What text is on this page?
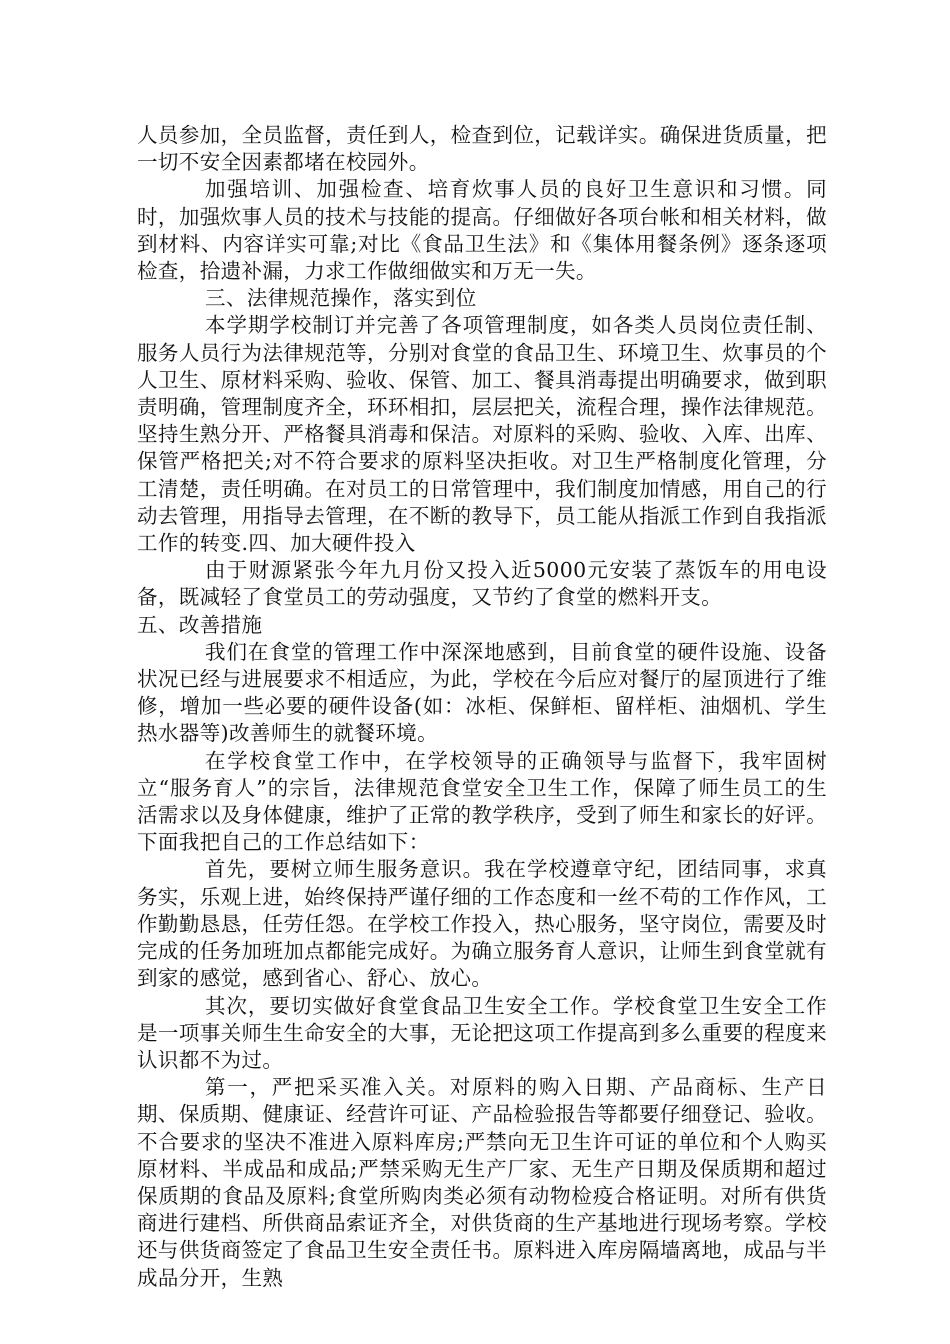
人员参加，全员监督，责任到人，检查到位，记载详实。确保进货质量，把一切不安全因素都堵在校园外。

加强培训、加强检查、培育炊事人员的良好卫生意识和习惯。同时，加强炊事人员的技术与技能的提高。仔细做好各项台帐和相关材料，做到材料、内容详实可靠;对比《食品卫生法》和《集体用餐条例》逐条逐项检查，拾遗补漏，力求工作做细做实和万无一失。

三、法律规范操作，落实到位

本学期学校制订并完善了各项管理制度，如各类人员岗位责任制、服务人员行为法律规范等，分别对食堂的食品卫生、环境卫生、炊事员的个人卫生、原材料采购、验收、保管、加工、餐具消毒提出明确要求，做到职责明确，管理制度齐全，环环相扣，层层把关，流程合理，操作法律规范。坚持生熟分开、严格餐具消毒和保洁。对原料的采购、验收、入库、出库、保管严格把关;对不符合要求的原料坚决拒收。对卫生严格制度化管理，分工清楚，责任明确。在对员工的日常管理中，我们制度加情感，用自己的行动去管理，用指导去管理，在不断的教导下，员工能从指派工作到自我指派工作的转变.四、加大硬件投入

由于财源紧张今年九月份又投入近5000元安装了蒸饭车的用电设备，既减轻了食堂员工的劳动强度，又节约了食堂的燃料开支。

五、改善措施

我们在食堂的管理工作中深深地感到，目前食堂的硬件设施、设备状况已经与进展要求不相适应，为此，学校在今后应对餐厅的屋顶进行了维修，增加一些必要的硬件设备(如：冰柜、保鲜柜、留样柜、油烟机、学生热水器等)改善师生的就餐环境。

在学校食堂工作中，在学校领导的正确领导与监督下，我牢固树立“服务育人”的宗旨，法律规范食堂安全卫生工作，保障了师生员工的生活需求以及身体健康，维护了正常的教学秩序，受到了师生和家长的好评。下面我把自己的工作总结如下：

首先，要树立师生服务意识。我在学校遵章守纪，团结同事，求真务实，乐观上进，始终保持严谨仔细的工作态度和一丝不苟的工作作风，工作勤勤恳恳，任劳任怨。在学校工作投入，热心服务，坚守岗位，需要及时完成的任务加班加点都能完成好。为确立服务育人意识，让师生到食堂就有到家的感觉，感到省心、舒心、放心。

其次，要切实做好食堂食品卫生安全工作。学校食堂卫生安全工作是一项事关师生生命安全的大事，无论把这项工作提高到多么重要的程度来认识都不为过。

第一，严把采买准入关。对原料的购入日期、产品商标、生产日期、保质期、健康证、经营许可证、产品检验报告等都要仔细登记、验收。不合要求的坚决不准进入原料库房;严禁向无卫生许可证的单位和个人购买原材料、半成品和成品;严禁采购无生产厂家、无生产日期及保质期和超过保质期的食品及原料;食堂所购肉类必须有动物检疫合格证明。对所有供货商进行建档、所供商品索证齐全，对供货商的生产基地进行现场考察。学校还与供货商签定了食品卫生安全责任书。原料进入库房隔墙离地，成品与半成品分开，生熟
